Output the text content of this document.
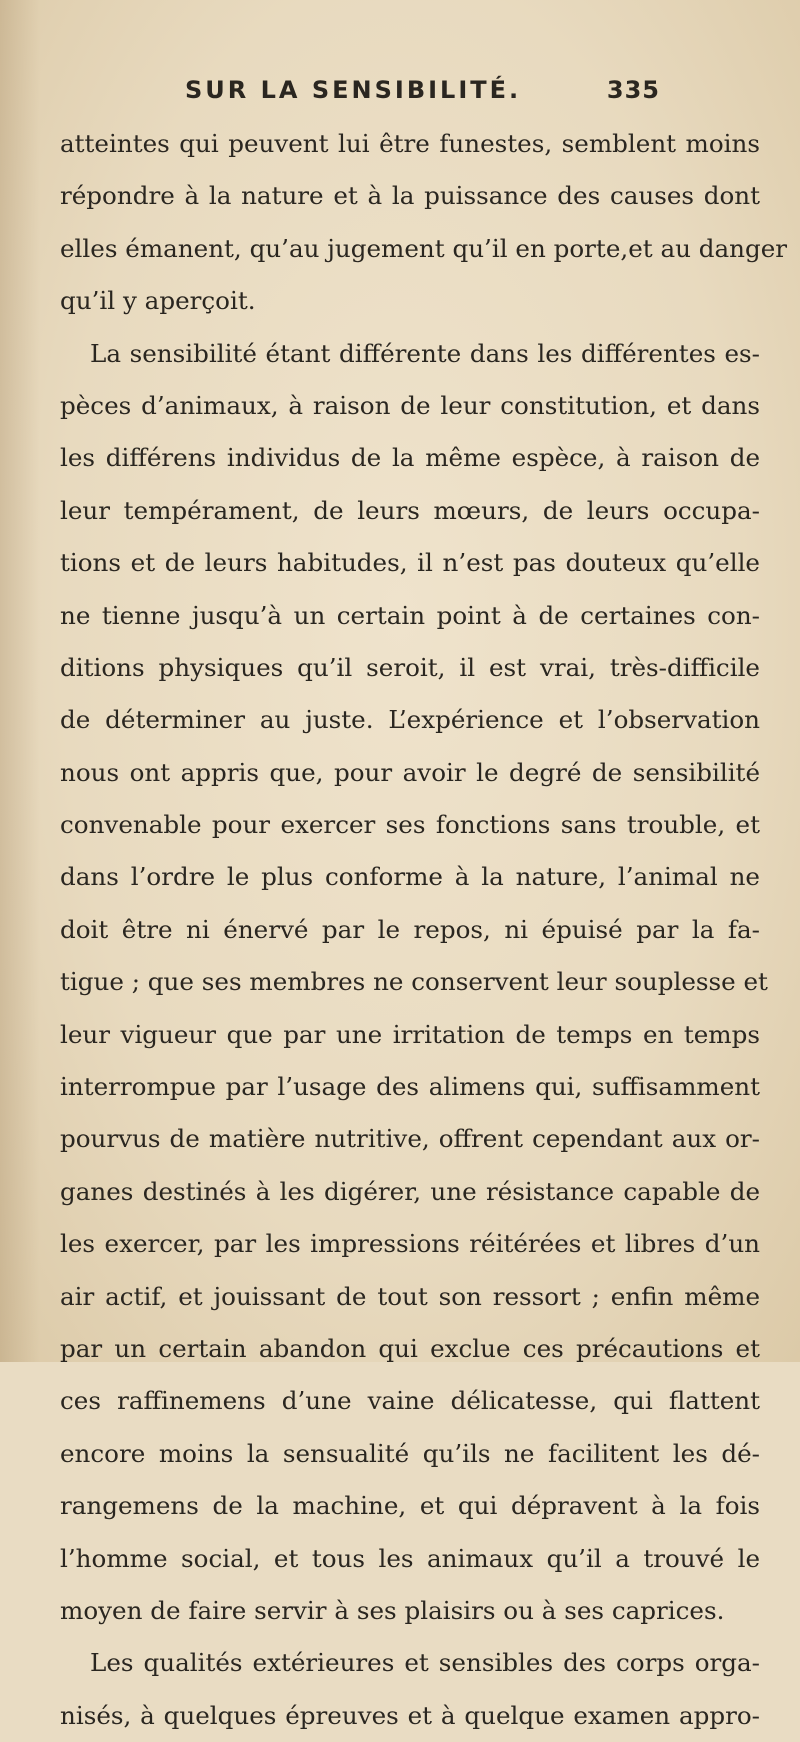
SUR LA SENSIBILITÉ.	335
atteintes qui peuvent lui être funestes, semblent moins
répondre à la nature et à la puissance des causes dont
elles émanent, qu’au jugement qu’il en porte,et au danger
qu’il y aperçoit.
La sensibilité étant différente dans les différentes es-
pèces d’animaux, à raison de leur constitution, et dans
les différens individus de la même espèce, à raison de
leur tempérament, de leurs mœurs, de leurs occupa-
tions et de leurs habitudes, il n’est pas douteux qu’elle
ne tienne jusqu’à un certain point à de certaines con-
ditions physiques qu’il seroit, il est vrai, très-difficile
de déterminer au juste. L’expérience et l’observation
nous ont appris que, pour avoir le degré de sensibilité
convenable pour exercer ses fonctions sans trouble, et
dans l’ordre le plus conforme à la nature, l’animal ne
doit être ni énervé par le repos, ni épuisé par la fa-
tigue ; que ses membres ne conservent leur souplesse et
leur vigueur que par une irritation de temps en temps
interrompue par l’usage des alimens qui, suffisamment
pourvus de matière nutritive, offrent cependant aux or-
ganes destinés à les digérer, une résistance capable de
les exercer, par les impressions réitérées et libres d’un
air actif, et jouissant de tout son ressort ; enfin même
par un certain abandon qui exclue ces précautions et
ces raffinemens d’une vaine délicatesse, qui flattent
encore moins la sensualité qu’ils ne facilitent les dé-
rangemens de la machine, et qui dépravent à la fois
l’homme social, et tous les animaux qu’il a trouvé le
moyen de faire servir à ses plaisirs ou à ses caprices.
Les qualités extérieures et sensibles des corps orga-
nisés, à quelques épreuves et à quelque examen appro-
